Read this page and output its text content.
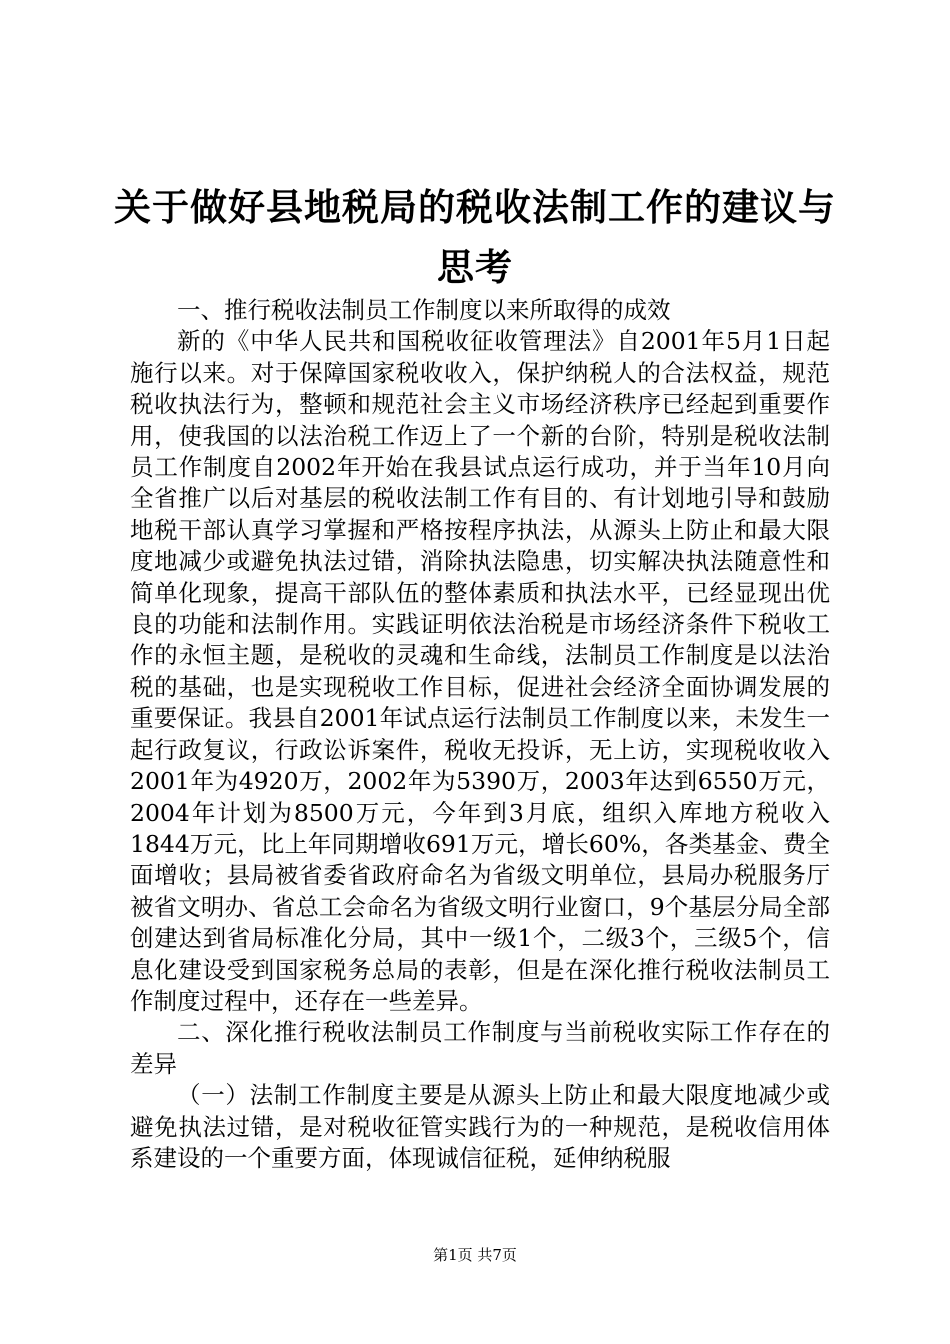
关于做好县地税局的税收法制工作的建议与思考

一、推行税收法制员工作制度以来所取得的成效

新的《中华人民共和国税收征收管理法》自2001年5月1日起施行以来。对于保障国家税收收入，保护纳税人的合法权益，规范税收执法行为，整顿和规范社会主义市场经济秩序已经起到重要作用，使我国的以法治税工作迈上了一个新的台阶，特别是税收法制员工作制度自2002年开始在我县试点运行成功，并于当年10月向全省推广以后对基层的税收法制工作有目的、有计划地引导和鼓励地税干部认真学习掌握和严格按程序执法，从源头上防止和最大限度地减少或避免执法过错，消除执法隐患，切实解决执法随意性和简单化现象，提高干部队伍的整体素质和执法水平，已经显现出优良的功能和法制作用。实践证明依法治税是市场经济条件下税收工作的永恒主题，是税收的灵魂和生命线，法制员工作制度是以法治税的基础，也是实现税收工作目标，促进社会经济全面协调发展的重要保证。我县自2001年试点运行法制员工作制度以来，未发生一起行政复议，行政讼诉案件，税收无投诉，无上访，实现税收收入2001年为4920万，2002年为5390万，2003年达到6550万元，2004年计划为8500万元，今年到3月底，组织入库地方税收入1844万元，比上年同期增收691万元，增长60%，各类基金、费全面增收；县局被省委省政府命名为省级文明单位，县局办税服务厅被省文明办、省总工会命名为省级文明行业窗口，9个基层分局全部创建达到省局标准化分局，其中一级1个，二级3个，三级5个，信息化建设受到国家税务总局的表彰，但是在深化推行税收法制员工作制度过程中，还存在一些差异。

二、深化推行税收法制员工作制度与当前税收实际工作存在的差异

（一）法制工作制度主要是从源头上防止和最大限度地减少或避免执法过错，是对税收征管实践行为的一种规范，是税收信用体系建设的一个重要方面，体现诚信征税，延伸纳税服

第1页 共7页
